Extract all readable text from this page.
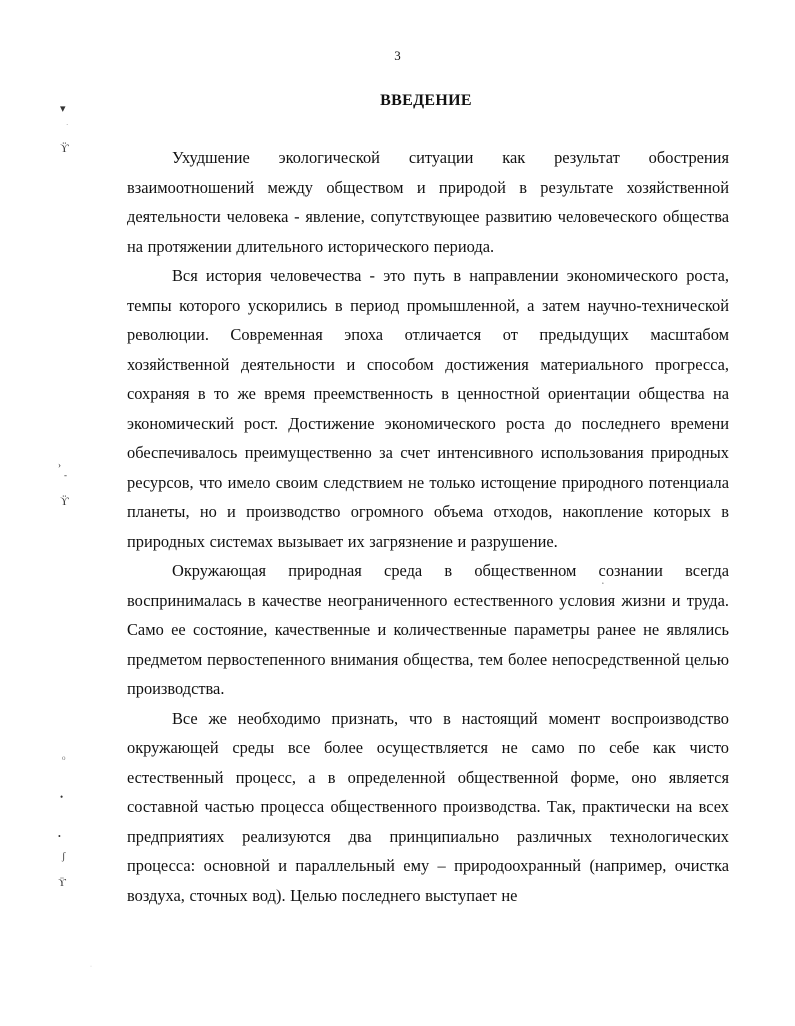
3
ВВЕДЕНИЕ

Ухудшение экологической ситуации как результат обострения взаимоотношений между обществом и природой в результате хозяйственной деятельности человека - явление, сопутствующее развитию человеческого общества на протяжении длительного исторического периода.

Вся история человечества - это путь в направлении экономического роста, темпы которого ускорились в период промышленной, а затем научно-технической революции. Современная эпоха отличается от предыдущих масштабом хозяйственной деятельности и способом достижения материального прогресса, сохраняя в то же время преемственность в ценностной ориентации общества на экономический рост. Достижение экономического роста до последнего времени обеспечивалось преимущественно за счет интенсивного использования природных ресурсов, что имело своим следствием не только истощение природного потенциала планеты, но и производство огромного объема отходов, накопление которых в природных системах вызывает их загрязнение и разрушение.

Окружающая природная среда в общественном сознании всегда воспринималась в качестве неограниченного естественного условия жизни и труда. Само ее состояние, качественные и количественные параметры ранее не являлись предметом первостепенного внимания общества, тем более непосредственной целью производства.

Все же необходимо признать, что в настоящий момент воспроизводство окружающей среды все более осуществляется не само по себе как чисто естественный процесс, а в определенной общественной форме, оно является составной частью процесса общественного производства. Так, практически на всех предприятиях реализуются два принципиально различных технологических процесса: основной и параллельный ему – природоохранный (например, очистка воздуха, сточных вод). Целью последнего выступает не

▾
·
ϔ
›
‐
ϔ
ο
•
•
ʃ
ϔ
•
·
